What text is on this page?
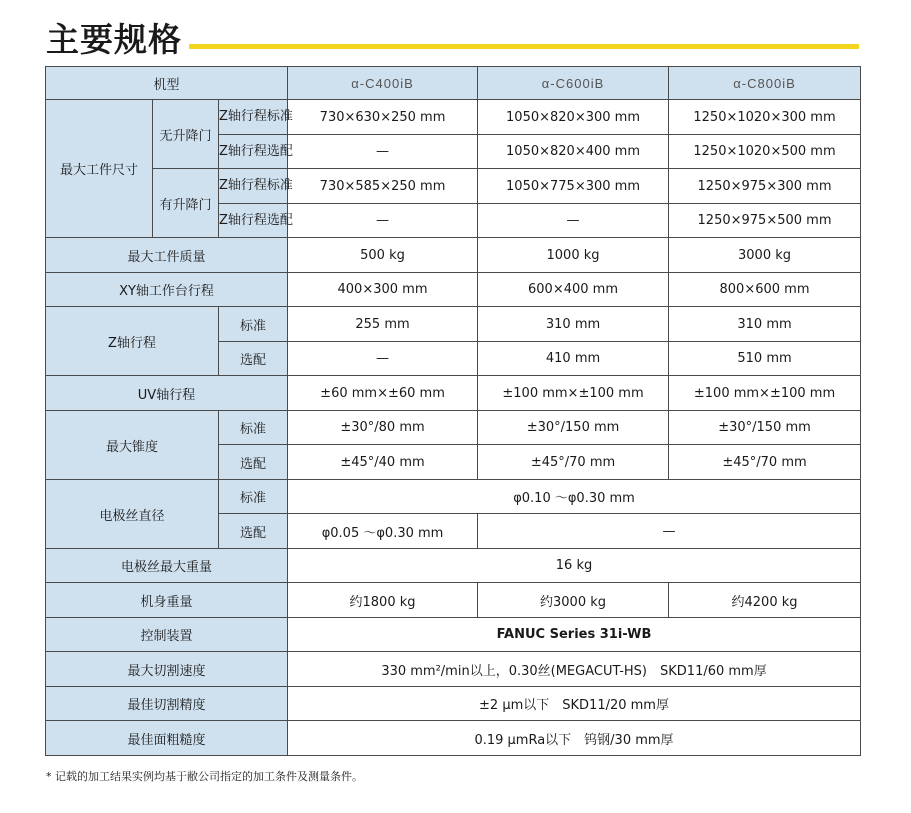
主要规格
机型			α-C400iB	α-C600iB	α-C800iB
最大工件尺寸	无升降门	Z轴行程标准	730×630×250 mm	1050×820×300 mm	1250×1020×300 mm
		Z轴行程选配	—	1050×820×400 mm	1250×1020×500 mm
	有升降门	Z轴行程标准	730×585×250 mm	1050×775×300 mm	1250×975×300 mm
		Z轴行程选配	—	—	1250×975×500 mm
最大工件质量			500 kg	1000 kg	3000 kg
XY轴工作台行程			400×300 mm	600×400 mm	800×600 mm
Z轴行程		标准	255 mm	310 mm	310 mm
		选配	—	410 mm	510 mm
UV轴行程			±60 mm×±60 mm	±100 mm×±100 mm	±100 mm×±100 mm
最大锥度		标准	±30°/80 mm	±30°/150 mm	±30°/150 mm
		选配	±45°/40 mm	±45°/70 mm	±45°/70 mm
电极丝直径		标准	φ0.10 ～φ0.30 mm		
		选配	φ0.05 ～φ0.30 mm	—	
电极丝最大重量			16 kg		
机身重量			约1800 kg	约3000 kg	约4200 kg
控制装置			FANUC Series 31i-WB		
最大切割速度			330 mm²/min以上，0.30丝(MEGACUT-HS)　SKD11/60 mm厚		
最佳切割精度			±2 μm以下　SKD11/20 mm厚		
最佳面粗糙度			0.19 μmRa以下　钨钢/30 mm厚		
* 记载的加工结果实例均基于敝公司指定的加工条件及测量条件。
